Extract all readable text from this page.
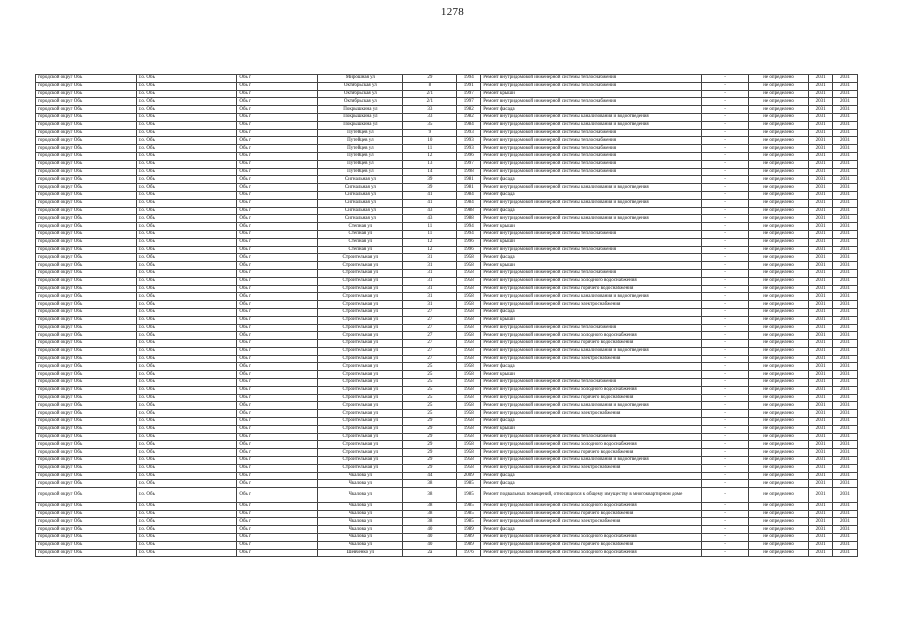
1278
городской округ Обь	г.о. Обь	Обь г	Мирошная ул	29	1994	Ремонт внутридомовой инженерной системы теплоснабжения	-	не определено	2031	2031
городской округ Обь	г.о. Обь	Обь г	Октябрьская ул	8	1991	Ремонт внутридомовой инженерной системы теплоснабжения	-	не определено	2031	2031
городской округ Обь	г.о. Обь	Обь г	Октябрьская ул	2/1	1997	Ремонт крыши	-	не определено	2031	2031
городской округ Обь	г.о. Обь	Обь г	Октябрьская ул	2/1	1997	Ремонт внутридомовой инженерной системы теплоснабжения	-	не определено	2031	2031
городской округ Обь	г.о. Обь	Обь г	Покрышкина ул	33	1982	Ремонт фасада	-	не определено	2031	2031
городской округ Обь	г.о. Обь	Обь г	Покрышкина ул	33	1982	Ремонт внутридомовой инженерной системы канализования и водоотведения	-	не определено	2031	2031
городской округ Обь	г.о. Обь	Обь г	Покрышкина ул	35	1984	Ремонт внутридомовой инженерной системы канализования и водоотведения	-	не определено	2031	2031
городской округ Обь	г.о. Обь	Обь г	Путейцев ул	9	1993	Ремонт внутридомовой инженерной системы теплоснабжения	-	не определено	2031	2031
городской округ Обь	г.о. Обь	Обь г	Путейцев ул	10	1993	Ремонт внутридомовой инженерной системы теплоснабжения	-	не определено	2031	2031
городской округ Обь	г.о. Обь	Обь г	Путейцев ул	11	1993	Ремонт внутридомовой инженерной системы теплоснабжения	-	не определено	2031	2031
городской округ Обь	г.о. Обь	Обь г	Путейцев ул	12	1996	Ремонт внутридомовой инженерной системы теплоснабжения	-	не определено	2031	2031
городской округ Обь	г.о. Обь	Обь г	Путейцев ул	13	1997	Ремонт внутридомовой инженерной системы теплоснабжения	-	не определено	2031	2031
городской округ Обь	г.о. Обь	Обь г	Путейцев ул	14	1998	Ремонт внутридомовой инженерной системы теплоснабжения	-	не определено	2031	2031
городской округ Обь	г.о. Обь	Обь г	Сигнальная ул	39	1981	Ремонт фасада	-	не определено	2031	2031
городской округ Обь	г.о. Обь	Обь г	Сигнальная ул	39	1981	Ремонт внутридомовой инженерной системы канализования и водоотведения	-	не определено	2031	2031
городской округ Обь	г.о. Обь	Обь г	Сигнальная ул	41	1984	Ремонт фасада	-	не определено	2031	2031
городской округ Обь	г.о. Обь	Обь г	Сигнальная ул	41	1984	Ремонт внутридомовой инженерной системы канализования и водоотведения	-	не определено	2031	2031
городской округ Обь	г.о. Обь	Обь г	Сигнальная ул	43	1988	Ремонт фасада	-	не определено	2031	2031
городской округ Обь	г.о. Обь	Обь г	Сигнальная ул	43	1988	Ремонт внутридомовой инженерной системы канализования и водоотведения	-	не определено	2031	2031
городской округ Обь	г.о. Обь	Обь г	Степная ул	11	1994	Ремонт крыши	-	не определено	2031	2031
городской округ Обь	г.о. Обь	Обь г	Степная ул	11	1994	Ремонт внутридомовой инженерной системы теплоснабжения	-	не определено	2031	2031
городской округ Обь	г.о. Обь	Обь г	Степная ул	12	1996	Ремонт крыши	-	не определено	2031	2031
городской округ Обь	г.о. Обь	Обь г	Степная ул	12	1996	Ремонт внутридомовой инженерной системы теплоснабжения	-	не определено	2031	2031
городской округ Обь	г.о. Обь	Обь г	Строительная ул	31	1958	Ремонт фасада	-	не определено	2031	2031
городской округ Обь	г.о. Обь	Обь г	Строительная ул	31	1958	Ремонт крыши	-	не определено	2031	2031
городской округ Обь	г.о. Обь	Обь г	Строительная ул	31	1958	Ремонт внутридомовой инженерной системы теплоснабжения	-	не определено	2031	2031
городской округ Обь	г.о. Обь	Обь г	Строительная ул	31	1958	Ремонт внутридомовой инженерной системы холодного водоснабжения	-	не определено	2031	2031
городской округ Обь	г.о. Обь	Обь г	Строительная ул	31	1958	Ремонт внутридомовой инженерной системы горячего водоснабжения	-	не определено	2031	2031
городской округ Обь	г.о. Обь	Обь г	Строительная ул	31	1958	Ремонт внутридомовой инженерной системы канализования и водоотведения	-	не определено	2031	2031
городской округ Обь	г.о. Обь	Обь г	Строительная ул	31	1958	Ремонт внутридомовой инженерной системы электроснабжения	-	не определено	2031	2031
городской округ Обь	г.о. Обь	Обь г	Строительная ул	27	1958	Ремонт фасада	-	не определено	2031	2031
городской округ Обь	г.о. Обь	Обь г	Строительная ул	27	1958	Ремонт крыши	-	не определено	2031	2031
городской округ Обь	г.о. Обь	Обь г	Строительная ул	27	1958	Ремонт внутридомовой инженерной системы теплоснабжения	-	не определено	2031	2031
городской округ Обь	г.о. Обь	Обь г	Строительная ул	27	1958	Ремонт внутридомовой инженерной системы холодного водоснабжения	-	не определено	2031	2031
городской округ Обь	г.о. Обь	Обь г	Строительная ул	27	1958	Ремонт внутридомовой инженерной системы горячего водоснабжения	-	не определено	2031	2031
городской округ Обь	г.о. Обь	Обь г	Строительная ул	27	1958	Ремонт внутридомовой инженерной системы канализования и водоотведения	-	не определено	2031	2031
городской округ Обь	г.о. Обь	Обь г	Строительная ул	27	1958	Ремонт внутридомовой инженерной системы электроснабжения	-	не определено	2031	2031
городской округ Обь	г.о. Обь	Обь г	Строительная ул	25	1958	Ремонт фасада	-	не определено	2031	2031
городской округ Обь	г.о. Обь	Обь г	Строительная ул	25	1958	Ремонт крыши	-	не определено	2031	2031
городской округ Обь	г.о. Обь	Обь г	Строительная ул	25	1958	Ремонт внутридомовой инженерной системы теплоснабжения	-	не определено	2031	2031
городской округ Обь	г.о. Обь	Обь г	Строительная ул	25	1958	Ремонт внутридомовой инженерной системы холодного водоснабжения	-	не определено	2031	2031
городской округ Обь	г.о. Обь	Обь г	Строительная ул	25	1958	Ремонт внутридомовой инженерной системы горячего водоснабжения	-	не определено	2031	2031
городской округ Обь	г.о. Обь	Обь г	Строительная ул	25	1958	Ремонт внутридомовой инженерной системы канализования и водоотведения	-	не определено	2031	2031
городской округ Обь	г.о. Обь	Обь г	Строительная ул	25	1958	Ремонт внутридомовой инженерной системы электроснабжения	-	не определено	2031	2031
городской округ Обь	г.о. Обь	Обь г	Строительная ул	29	1958	Ремонт фасада	-	не определено	2031	2031
городской округ Обь	г.о. Обь	Обь г	Строительная ул	29	1958	Ремонт крыши	-	не определено	2031	2031
городской округ Обь	г.о. Обь	Обь г	Строительная ул	29	1958	Ремонт внутридомовой инженерной системы теплоснабжения	-	не определено	2031	2031
городской округ Обь	г.о. Обь	Обь г	Строительная ул	29	1958	Ремонт внутридомовой инженерной системы холодного водоснабжения	-	не определено	2031	2031
городской округ Обь	г.о. Обь	Обь г	Строительная ул	29	1958	Ремонт внутридомовой инженерной системы горячего водоснабжения	-	не определено	2031	2031
городской округ Обь	г.о. Обь	Обь г	Строительная ул	29	1958	Ремонт внутридомовой инженерной системы канализования и водоотведения	-	не определено	2031	2031
городской округ Обь	г.о. Обь	Обь г	Строительная ул	29	1958	Ремонт внутридомовой инженерной системы электроснабжения	-	не определено	2031	2031
городской округ Обь	г.о. Обь	Обь г	Чкалова ул	44	2009	Ремонт фасада	-	не определено	2031	2031
городской округ Обь	г.о. Обь	Обь г	Чкалова ул	38	1985	Ремонт фасада	-	не определено	2031	2031
городской округ Обь	г.о. Обь	Обь г	Чкалова ул	38	1985	Ремонт подвальных помещений, относящихся к общему имуществу в многоквартирном доме	-	не определено	2031	2031
городской округ Обь	г.о. Обь	Обь г	Чкалова ул	38	1985	Ремонт внутридомовой инженерной системы холодного водоснабжения	-	не определено	2031	2031
городской округ Обь	г.о. Обь	Обь г	Чкалова ул	38	1985	Ремонт внутридомовой инженерной системы горячего водоснабжения	-	не определено	2031	2031
городской округ Обь	г.о. Обь	Обь г	Чкалова ул	38	1985	Ремонт внутридомовой инженерной системы электроснабжения	-	не определено	2031	2031
городской округ Обь	г.о. Обь	Обь г	Чкалова ул	40	1989	Ремонт фасада	-	не определено	2031	2031
городской округ Обь	г.о. Обь	Обь г	Чкалова ул	40	1989	Ремонт внутридомовой инженерной системы холодного водоснабжения	-	не определено	2031	2031
городской округ Обь	г.о. Обь	Обь г	Чкалова ул	40	1989	Ремонт внутридомовой инженерной системы горячего водоснабжения	-	не определено	2031	2031
городской округ Обь	г.о. Обь	Обь г	Шевченко ул	2а	1976	Ремонт внутридомовой инженерной системы холодного водоснабжения	-	не определено	2031	2031
